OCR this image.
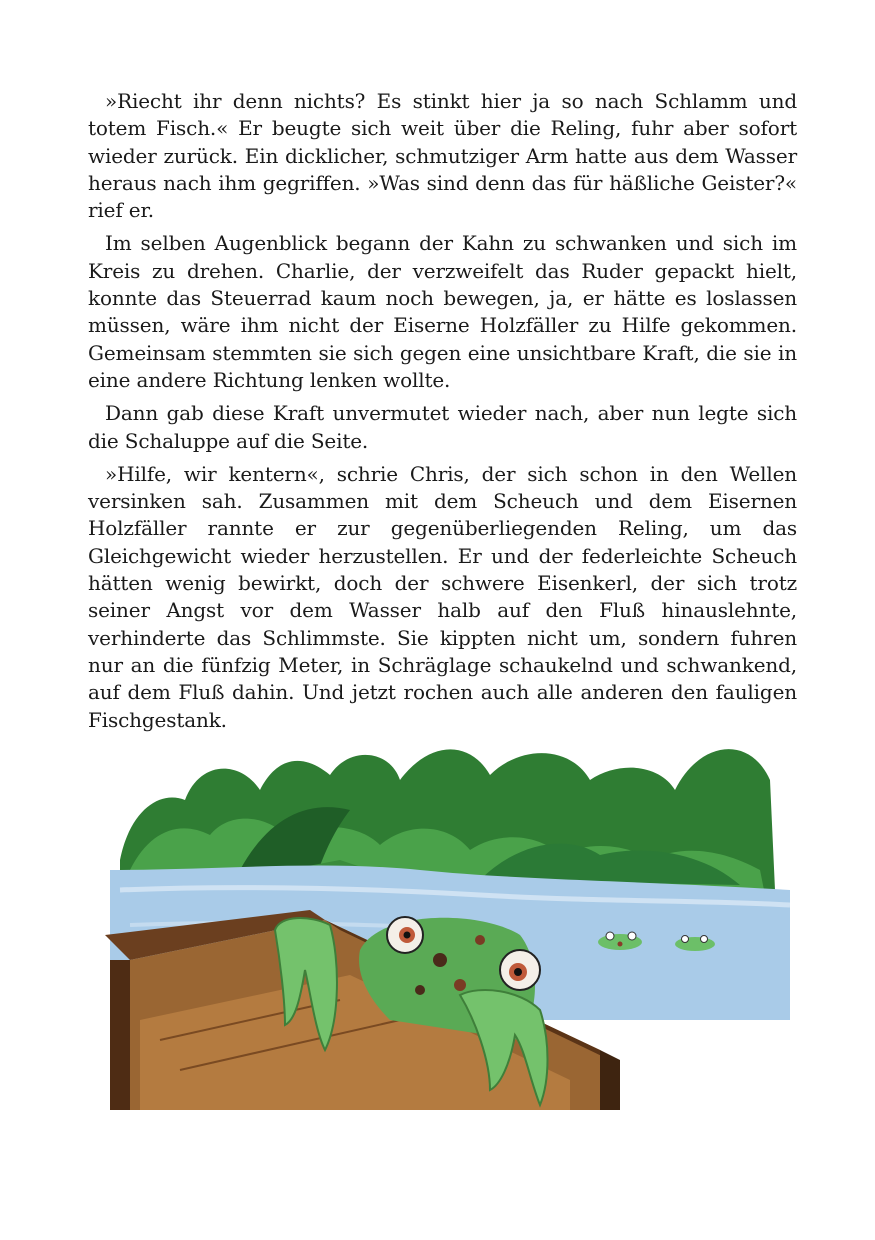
»Riecht ihr denn nichts? Es stinkt hier ja so nach Schlamm und totem Fisch.« Er beugte sich weit über die Reling, fuhr aber sofort wieder zurück. Ein dicklicher, schmutziger Arm hatte aus dem Wasser heraus nach ihm gegriffen. »Was sind denn das für häßliche Geister?« rief er.

Im selben Augenblick begann der Kahn zu schwanken und sich im Kreis zu drehen. Charlie, der verzweifelt das Ruder gepackt hielt, konnte das Steuerrad kaum noch bewegen, ja, er hätte es loslassen müssen, wäre ihm nicht der Eiserne Holzfäller zu Hilfe gekommen. Gemeinsam stemmten sie sich gegen eine unsichtbare Kraft, die sie in eine andere Richtung lenken wollte.

Dann gab diese Kraft unvermutet wieder nach, aber nun legte sich die Schaluppe auf die Seite.

»Hilfe, wir kentern«, schrie Chris, der sich schon in den Wellen versinken sah. Zusammen mit dem Scheuch und dem Eisernen Holzfäller rannte er zur gegenüberliegenden Reling, um das Gleichgewicht wieder herzustellen. Er und der federleichte Scheuch hätten wenig bewirkt, doch der schwere Eisenkerl, der sich trotz seiner Angst vor dem Wasser halb auf den Fluß hinauslehnte, verhinderte das Schlimmste. Sie kippten nicht um, sondern fuhren nur an die fünfzig Meter, in Schräglage schaukelnd und schwankend, auf dem Fluß dahin. Und jetzt rochen auch alle anderen den fauligen Fischgestank.
